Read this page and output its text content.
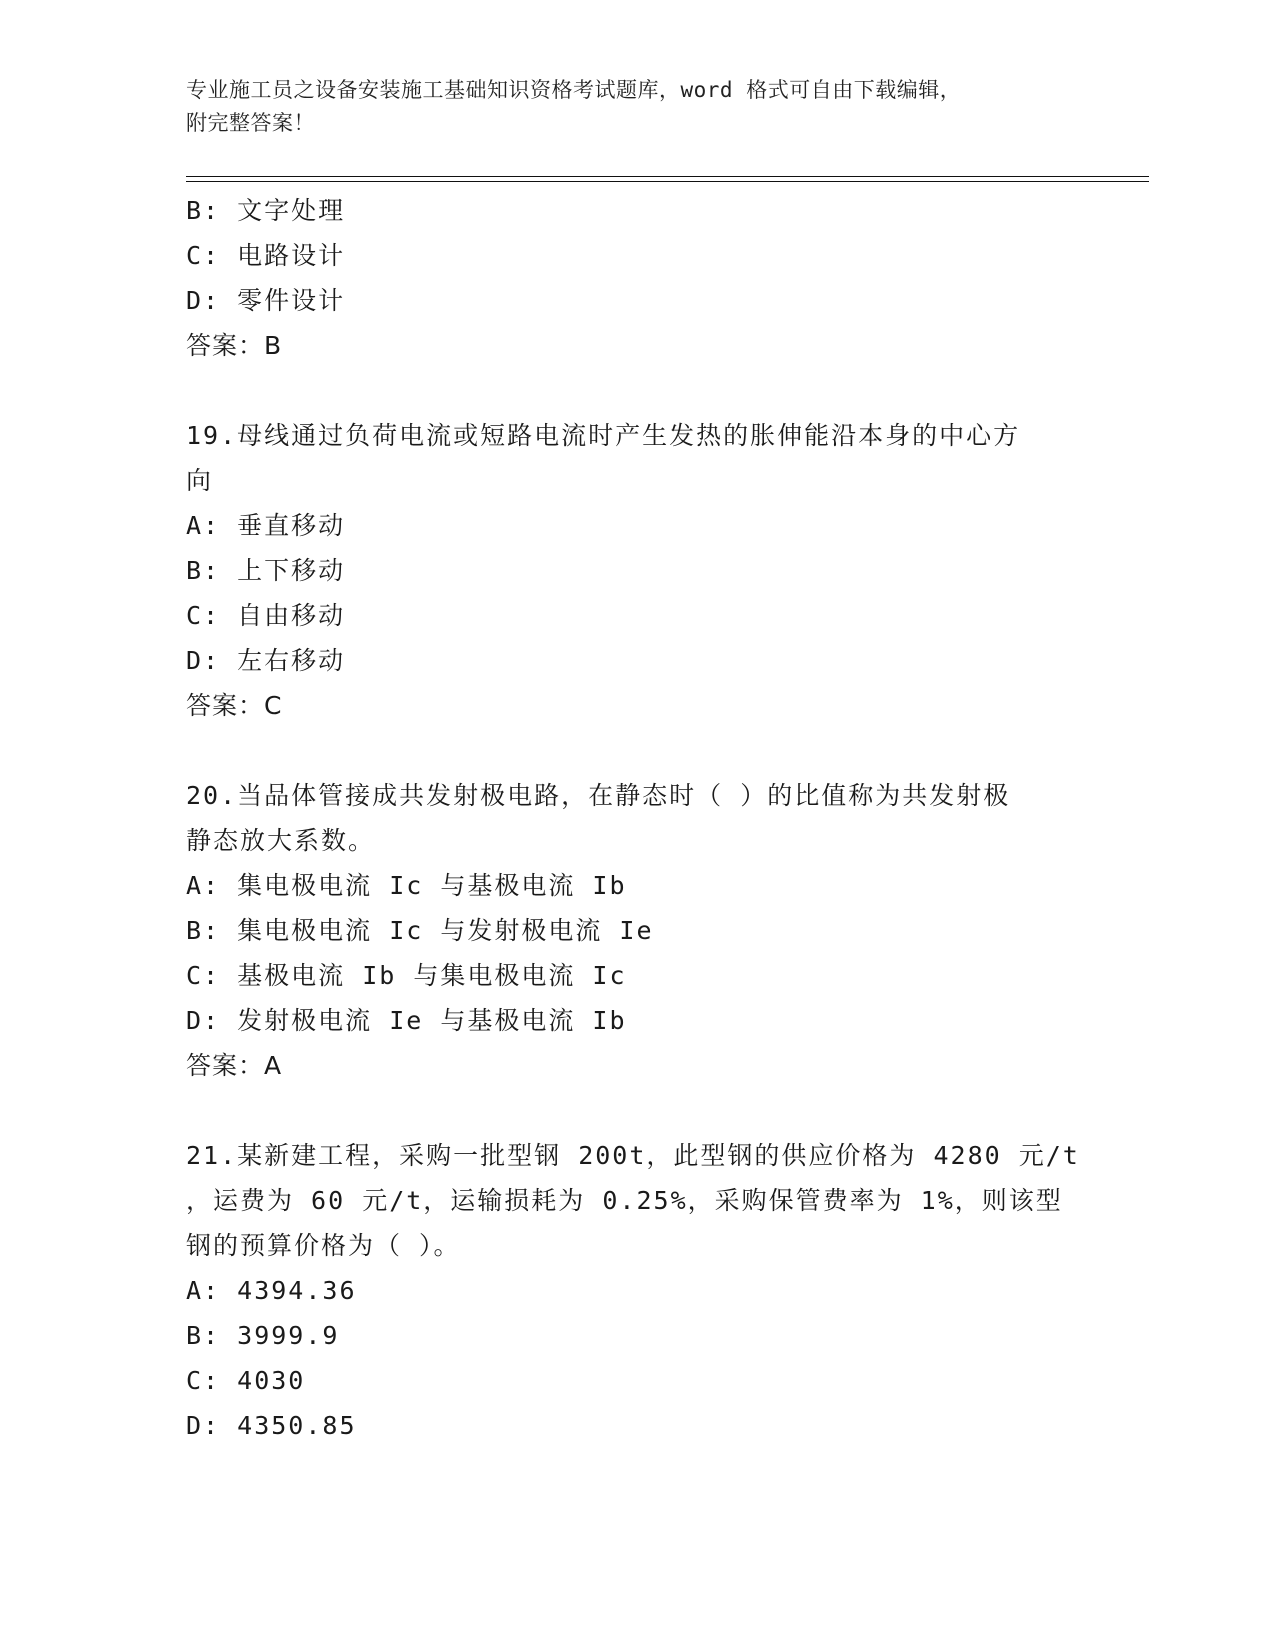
专业施工员之设备安装施工基础知识资格考试题库，word 格式可自由下载编辑，
附完整答案！
B: 文字处理
C: 电路设计
D: 零件设计
答案：B
19.母线通过负荷电流或短路电流时产生发热的胀伸能沿本身的中心方
向
A: 垂直移动
B: 上下移动
C: 自由移动
D: 左右移动
答案：C
20.当品体管接成共发射极电路，在静态时（ ）的比值称为共发射极
静态放大系数。
A: 集电极电流 Ic 与基极电流 Ib
B: 集电极电流 Ic 与发射极电流 Ie
C: 基极电流 Ib 与集电极电流 Ic
D: 发射极电流 Ie 与基极电流 Ib
答案：A
21.某新建工程，采购一批型钢 200t，此型钢的供应价格为 4280 元/t
，运费为 60 元/t，运输损耗为 0.25%，采购保管费率为 1%，则该型
钢的预算价格为（ ）。
A: 4394.36
B: 3999.9
C: 4030
D: 4350.85
